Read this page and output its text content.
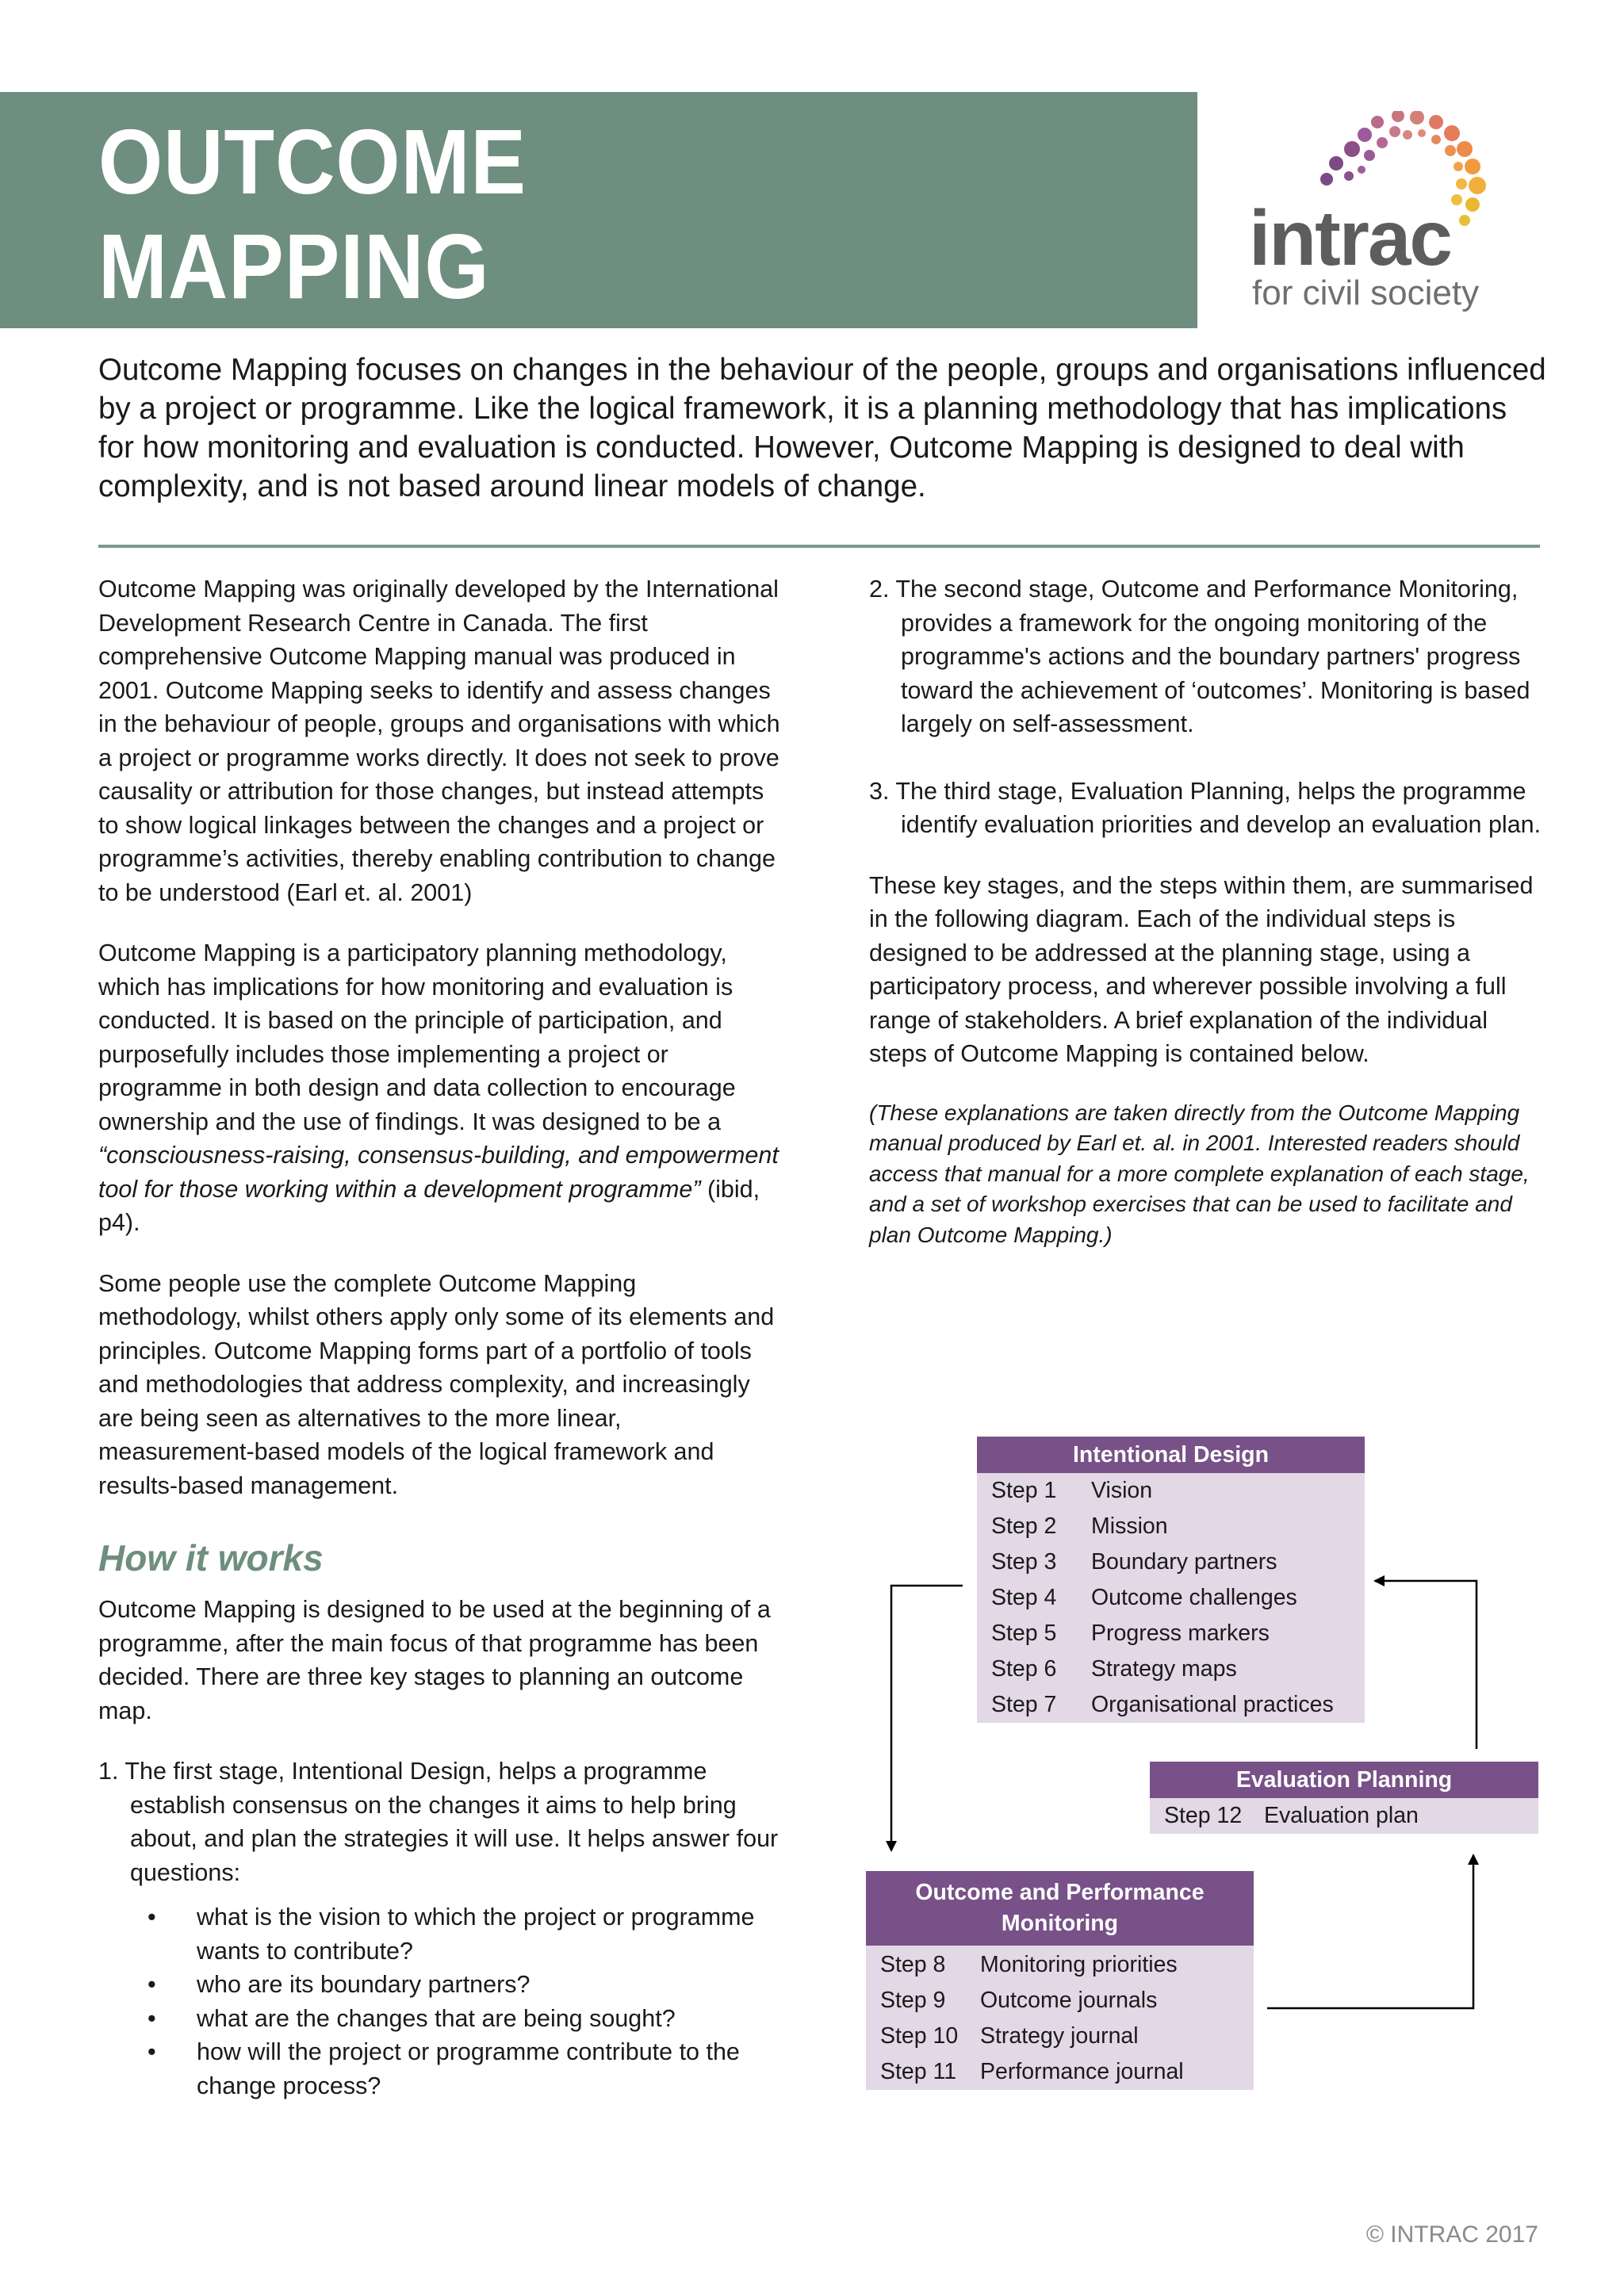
OUTCOME
MAPPING	intrac
for civil society

Outcome Mapping focuses on changes in the behaviour of the people, groups and organisations influenced by a project or programme. Like the logical framework, it is a planning methodology that has implications for how monitoring and evaluation is conducted. However, Outcome Mapping is designed to deal with complexity, and is not based around linear models of change.

Outcome Mapping was originally developed by the International Development Research Centre in Canada. The first comprehensive Outcome Mapping manual was produced in 2001. Outcome Mapping seeks to identify and assess changes in the behaviour of people, groups and organisations with which a project or programme works directly. It does not seek to prove causality or attribution for those changes, but instead attempts to show logical linkages between the changes and a project or programme’s activities, thereby enabling contribution to change to be understood (Earl et. al. 2001)

Outcome Mapping is a participatory planning methodology, which has implications for how monitoring and evaluation is conducted. It is based on the principle of participation, and purposefully includes those implementing a project or programme in both design and data collection to encourage ownership and the use of findings. It was designed to be a “consciousness-raising, consensus-building, and empowerment tool for those working within a development programme” (ibid, p4).

Some people use the complete Outcome Mapping methodology, whilst others apply only some of its elements and principles. Outcome Mapping forms part of a portfolio of tools and methodologies that address complexity, and increasingly are being seen as alternatives to the more linear, measurement-based models of the logical framework and results-based management.

How it works

Outcome Mapping is designed to be used at the beginning of a programme, after the main focus of that programme has been decided. There are three key stages to planning an outcome map.

1. The first stage, Intentional Design, helps a programme establish consensus on the changes it aims to help bring about, and plan the strategies it will use. It helps answer four questions:

• what is the vision to which the project or programme wants to contribute?
• who are its boundary partners?
• what are the changes that are being sought?
• how will the project or programme contribute to the change process?

2. The second stage, Outcome and Performance Monitoring, provides a framework for the ongoing monitoring of the programme's actions and the boundary partners' progress toward the achievement of ‘outcomes’. Monitoring is based largely on self-assessment.

3. The third stage, Evaluation Planning, helps the programme identify evaluation priorities and develop an evaluation plan.

These key stages, and the steps within them, are summarised in the following diagram. Each of the individual steps is designed to be addressed at the planning stage, using a participatory process, and wherever possible involving a full range of stakeholders. A brief explanation of the individual steps of Outcome Mapping is contained below.

(These explanations are taken directly from the Outcome Mapping manual produced by Earl et. al. in 2001. Interested readers should access that manual for a more complete explanation of each stage, and a set of workshop exercises that can be used to facilitate and plan Outcome Mapping.)

Intentional Design
Step 1	Vision
Step 2	Mission
Step 3	Boundary partners
Step 4	Outcome challenges
Step 5	Progress markers
Step 6	Strategy maps
Step 7	Organisational practices
Evaluation Planning
Step 12 Evaluation plan
Outcome and Performance Monitoring
Step 8	Monitoring priorities
Step 9	Outcome journals
Step 10 Strategy journal
Step 11	Performance journal
© INTRAC 2017
